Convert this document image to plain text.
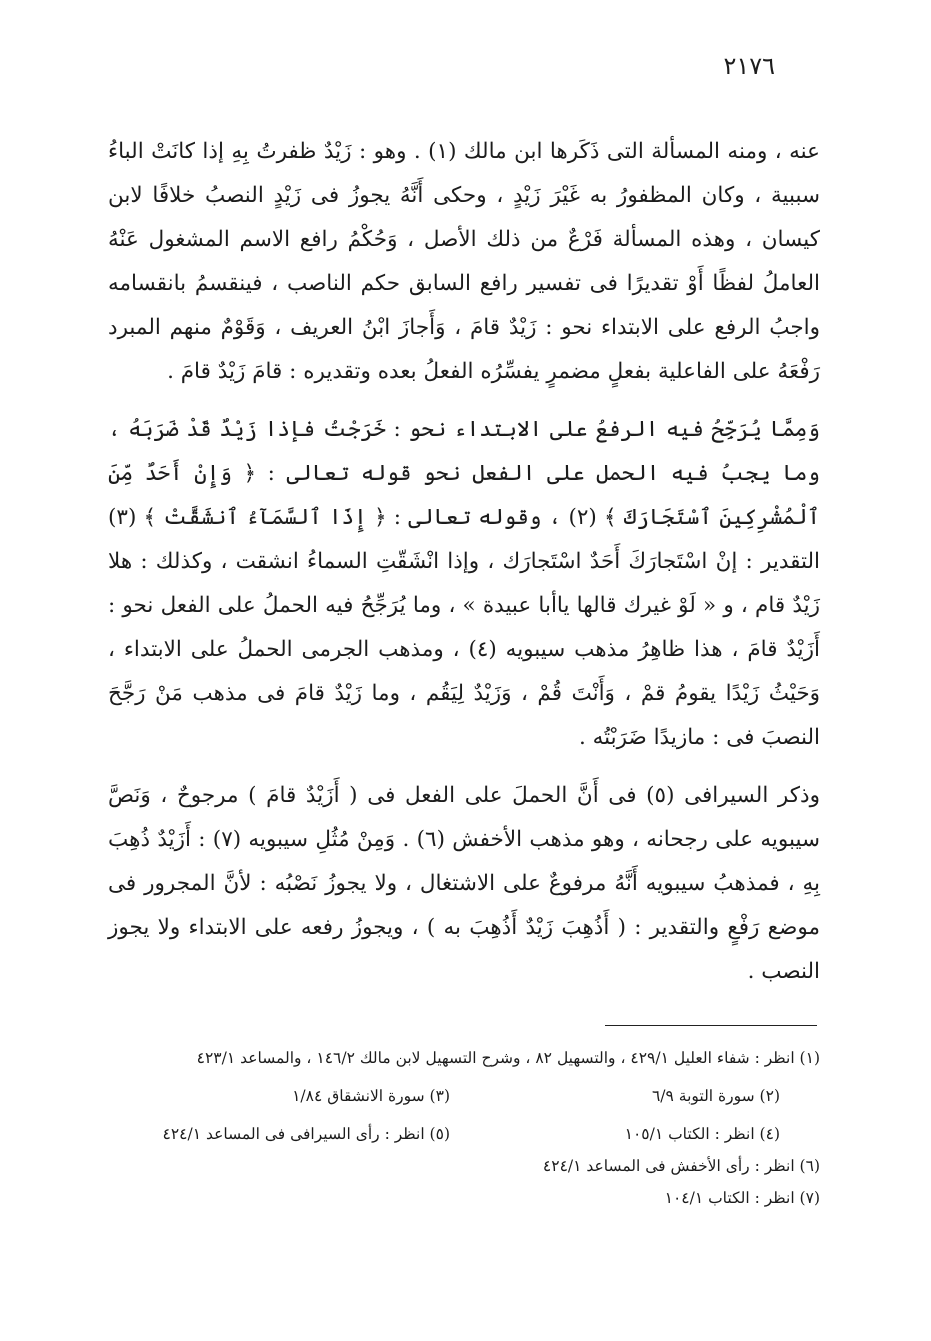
٢١٧٦

عنه ، ومنه المسألة التى ذَكَرها ابن مالك (١) . وهو : زَيْدٌ ظفرتُ بِهِ إذا كانَتْ الباءُ سببية ، وكان المظفورُ به غَيْرَ زَيْدٍ ، وحكى أَنَّهُ يجوزُ فى زَيْدٍ النصبُ خلافًا لابن كيسان ، وهذه المسألة فَرْعٌ من ذلك الأصل ، وَحُكْمُ رافع الاسم المشغول عَنْهُ العاملُ لفظًا أَوْ تقديرًا فى تفسير رافع السابق حكم الناصب ، فينقسمُ بانقسامه واجبُ الرفع على الابتداء نحو : زَيْدٌ قامَ ، وَأَجازَ ابْنُ العريف ، وَقَوْمٌ منهم المبرد رَفْعَهُ على الفاعلية بفعلٍ مضمرٍ يفسِّرُه الفعلُ بعده وتقديره : قامَ زَيْدٌ قامَ .

وَمِمَّا يُرَجِّحُ فيه الرفعُ على الابتداء نحو : خَرَجْتُ فإذا زَيْدٌ قَدْ ضَرَبَهُ ، وما يجبُ فيه الحمل على الفعل نحو قوله تعالى : ﴿ وَإِنْ أَحَدٌ مِّنَ ٱلْمُشْرِكِينَ ٱسْتَجَارَكَ ﴾ (٢) ، وقوله تعالى : ﴿ إِذَا ٱلسَّمَآءُ ٱنشَقَّتْ ﴾ (٣) التقدير : إنْ اسْتَجارَكَ أَحَدٌ اسْتَجارَك ، وإذا انْشَقّتِ السماءُ انشقت ، وكذلك : هلا زَيْدٌ قام ، و « لَوْ غيرك قالها ياأبا عبيدة » ، وما يُرَجِّحُ فيه الحملُ على الفعل نحو : أَزَيْدٌ قامَ ، هذا ظاهِرُ مذهب سيبويه (٤) ، ومذهب الجرمى الحملُ على الابتداء ، وَحَيْثُ زَيْدًا يقومُ قمْ ، وَأَنْتَ قُمْ ، وَزَيْدٌ لِيَقُم ، وما زَيْدٌ قامَ فى مذهب مَنْ رَجَّحَ النصبَ فى : مازيدًا ضَرَبْتُه .

وذكر السيرافى (٥) فى أَنَّ الحملَ على الفعل فى ( أَزَيْدٌ قامَ ) مرجوحٌ ، وَنَصَّ سيبويه على رجحانه ، وهو مذهب الأخفش (٦) . وَمِنْ مُثُلِ سيبويه (٧) : أَزَيْدٌ ذُهِبَ بِهِ ، فمذهبُ سيبويه أَنَّهُ مرفوعٌ على الاشتغال ، ولا يجوزُ نَصْبُه : لأنَّ المجرور فى موضع رَفْعٍ والتقدير : ( أَذُهِبَ زَيْدٌ أَذُهِبَ به ) ، ويجوزُ رفعه على الابتداء ولا يجوز النصب .

(١) انظر : شفاء العليل ٤٢٩/١ ، والتسهيل ٨٢ ، وشرح التسهيل لابن مالك ١٤٦/٢ ، والمساعد ٤٢٣/١
(٢) سورة التوبة ٦/٩
(٣) سورة الانشقاق ١/٨٤
(٤) انظر : الكتاب ١٠٥/١
(٥) انظر : رأى السيرافى فى المساعد ٤٢٤/١
(٦) انظر : رأى الأخفش فى المساعد ٤٢٤/١
(٧) انظر : الكتاب ١٠٤/١
